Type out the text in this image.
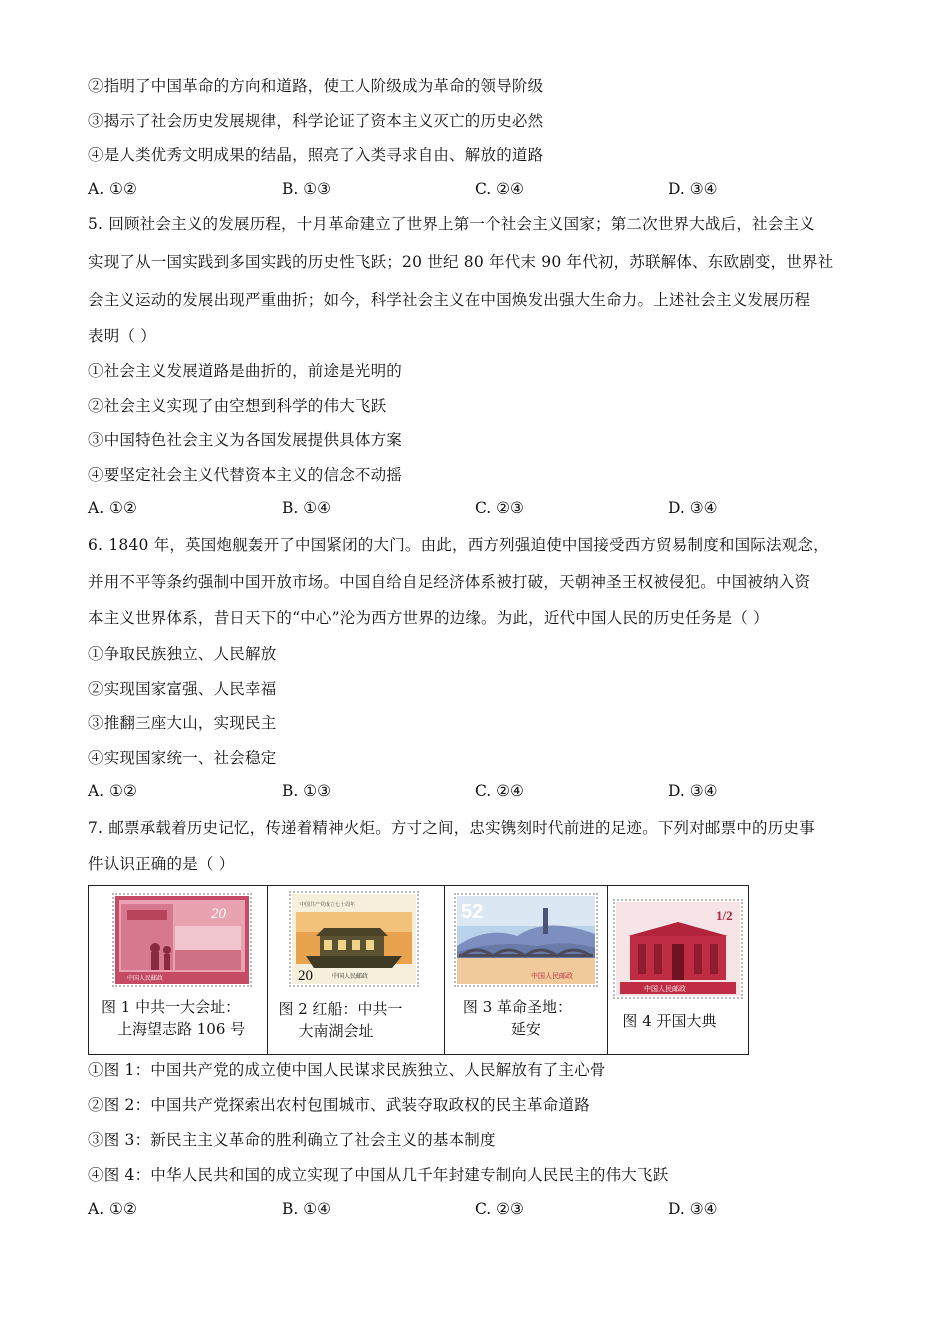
②指明了中国革命的方向和道路，使工人阶级成为革命的领导阶级
③揭示了社会历史发展规律，科学论证了资本主义灭亡的历史必然
④是人类优秀文明成果的结晶，照亮了入类寻求自由、解放的道路
A. ①②	B. ①③	C. ②④	D. ③④
5. 回顾社会主义的发展历程，十月革命建立了世界上第一个社会主义国家；第二次世界大战后，社会主义
实现了从一国实践到多国实践的历史性飞跃；20 世纪 80 年代末 90 年代初，苏联解体、东欧剧变，世界社
会主义运动的发展出现严重曲折；如今，科学社会主义在中国焕发出强大生命力。上述社会主义发展历程
表明（ ）
①社会主义发展道路是曲折的，前途是光明的
②社会主义实现了由空想到科学的伟大飞跃
③中国特色社会主义为各国发展提供具体方案
④要坚定社会主义代替资本主义的信念不动摇
A. ①②	B. ①④	C. ②③	D. ③④
6. 1840 年，英国炮舰轰开了中国紧闭的大门。由此，西方列强迫使中国接受西方贸易制度和国际法观念，
并用不平等条约强制中国开放市场。中国自给自足经济体系被打破，天朝神圣王权被侵犯。中国被纳入资
本主义世界体系，昔日天下的“中心”沦为西方世界的边缘。为此，近代中国人民的历史任务是（ ）
①争取民族独立、人民解放
②实现国家富强、人民幸福
③推翻三座大山，实现民主
④实现国家统一、社会稳定
A. ①②	B. ①③	C. ②④	D. ③④
7. 邮票承载着历史记忆，传递着精神火炬。方寸之间，忠实镌刻时代前进的足迹。下列对邮票中的历史事
件认识正确的是（ ）
20
中国人民邮政
图 1 中共一大会址：
上海望志路 106 号
中国共产党成立七十周年
20	中国人民邮政
图 2 红船：中共一
大南湖会址
52
中国人民邮政
图 3 革命圣地：
延安
1/2
中国人民邮政
图 4 开国大典
①图 1：中国共产党的成立使中国人民谋求民族独立、人民解放有了主心骨
②图 2：中国共产党探索出农村包围城市、武装夺取政权的民主革命道路
③图 3：新民主主义革命的胜利确立了社会主义的基本制度
④图 4：中华人民共和国的成立实现了中国从几千年封建专制向人民民主的伟大飞跃
A. ①②	B. ①④	C. ②③	D. ③④
